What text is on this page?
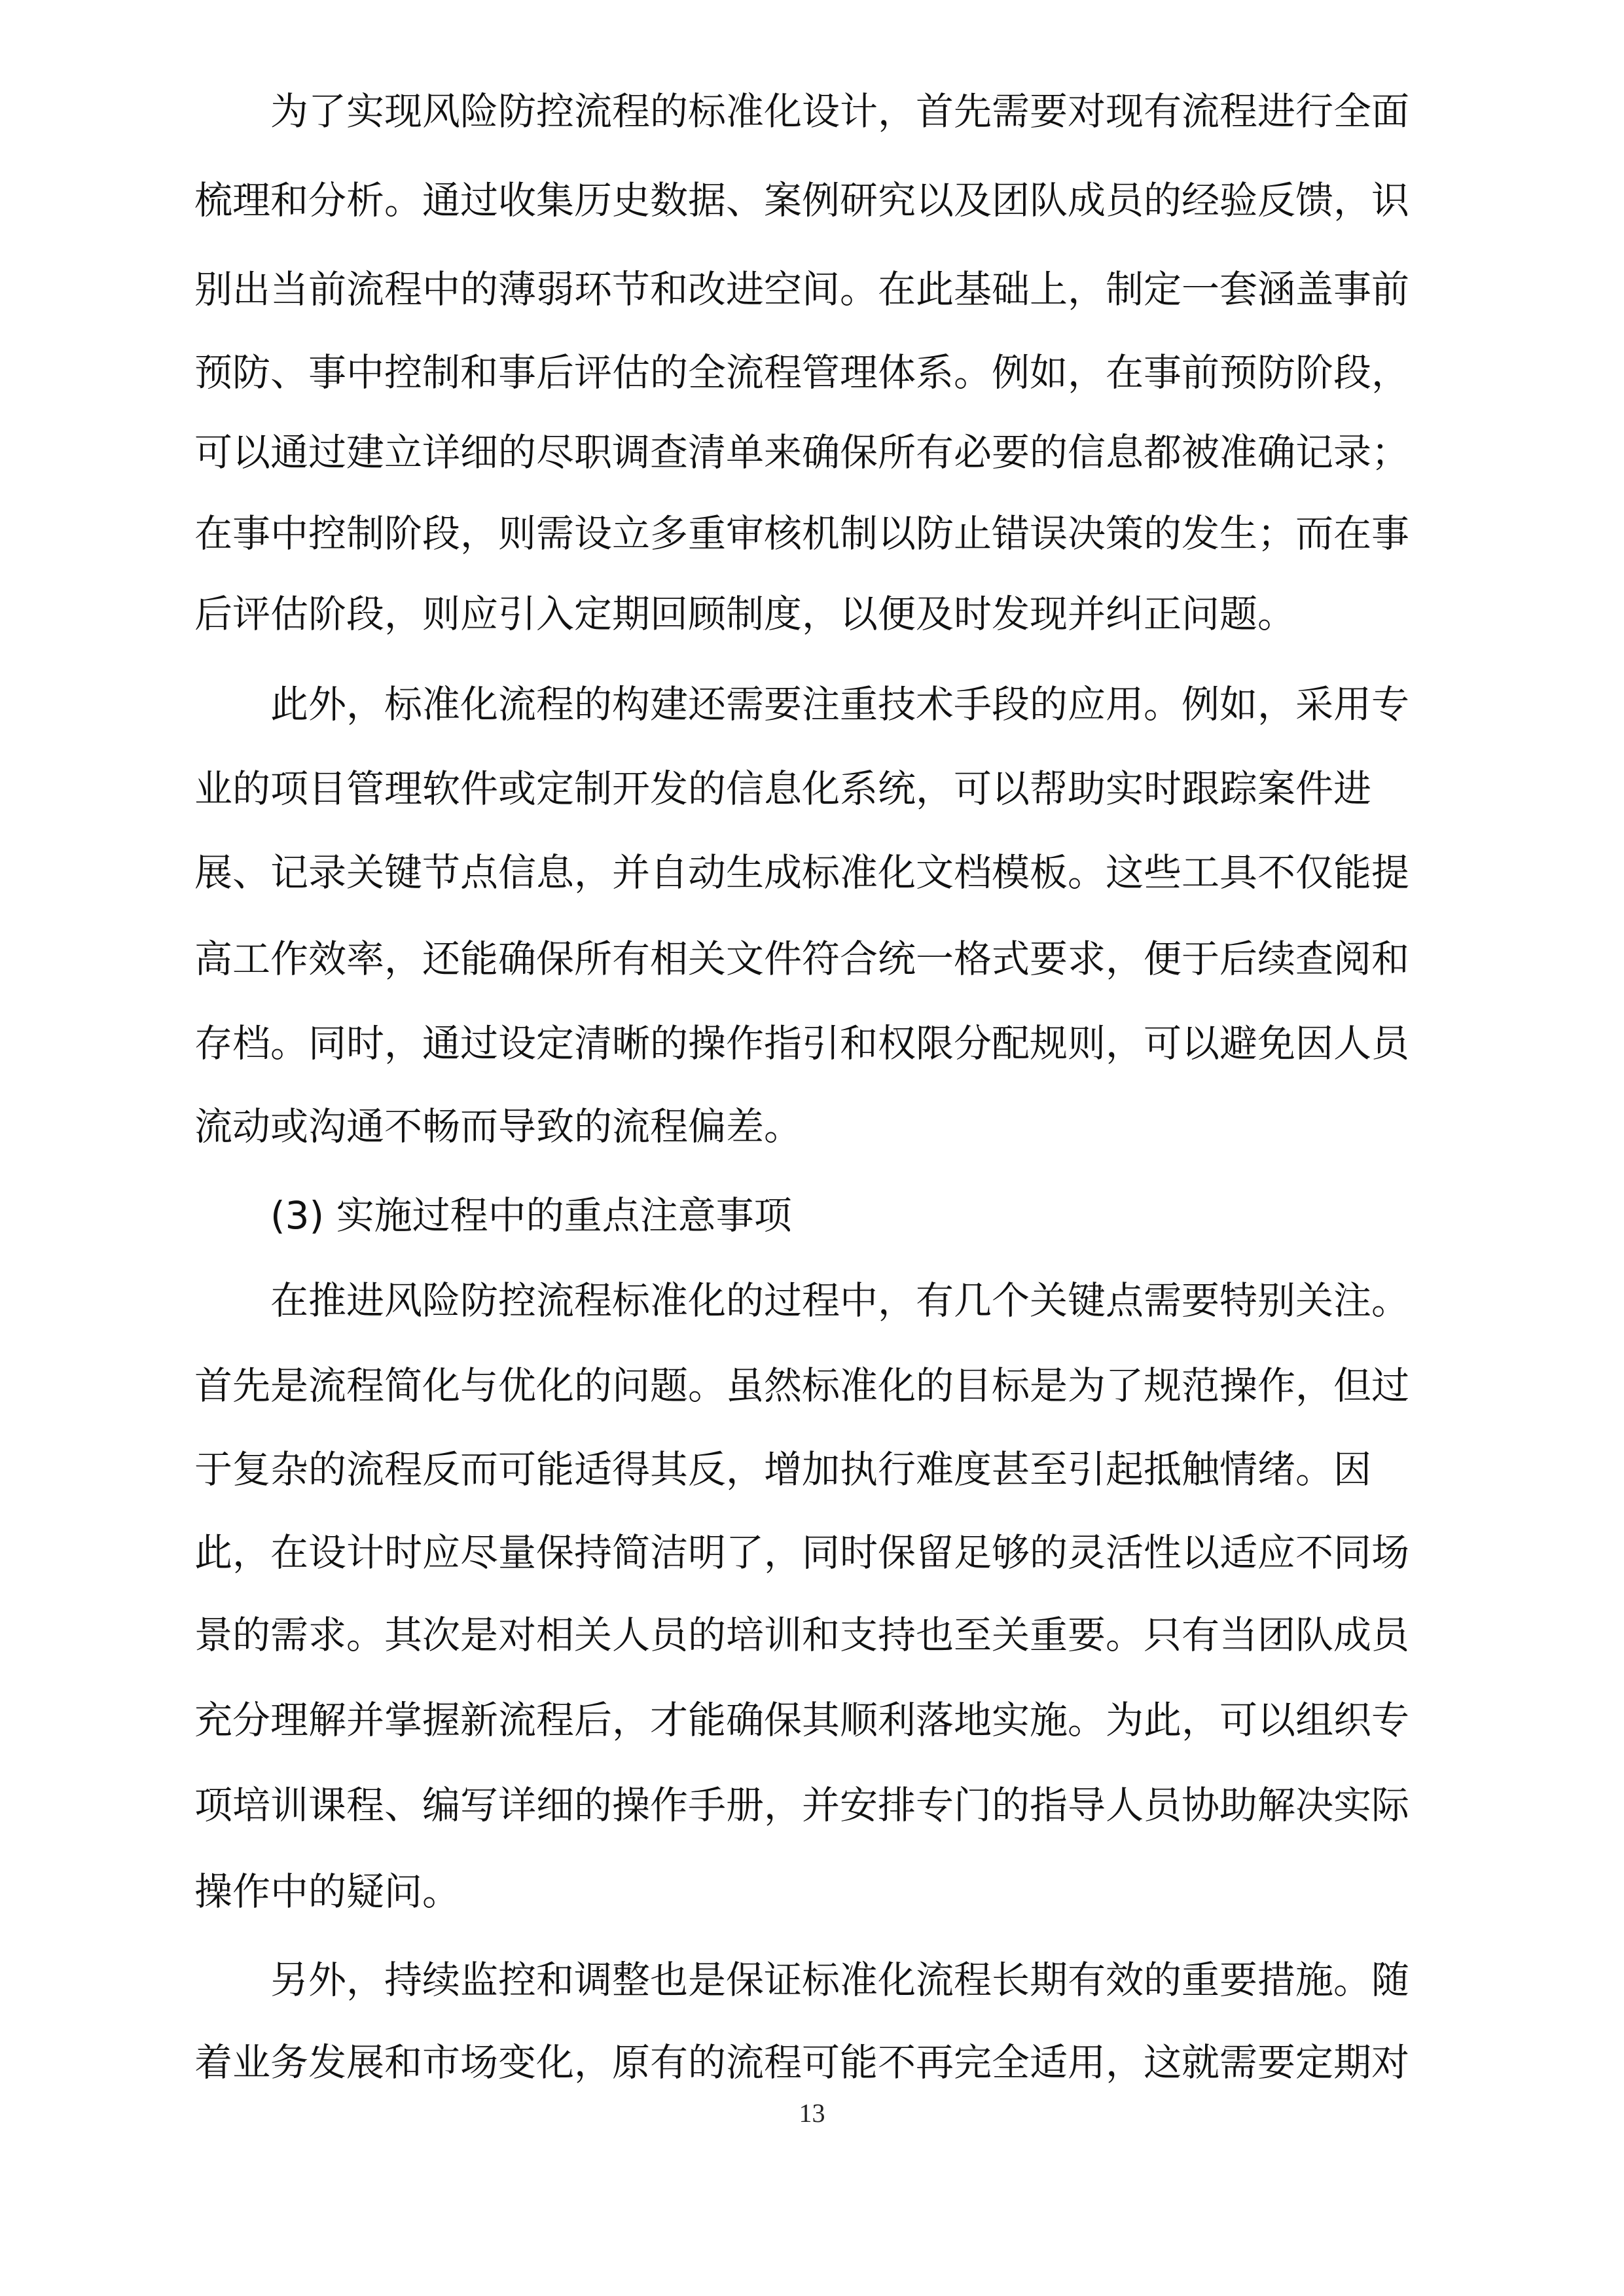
为了实现风险防控流程的标准化设计，首先需要对现有流程进行全面
梳理和分析。通过收集历史数据、案例研究以及团队成员的经验反馈，识
别出当前流程中的薄弱环节和改进空间。在此基础上，制定一套涵盖事前
预防、事中控制和事后评估的全流程管理体系。例如，在事前预防阶段，
可以通过建立详细的尽职调查清单来确保所有必要的信息都被准确记录；
在事中控制阶段，则需设立多重审核机制以防止错误决策的发生；而在事
后评估阶段，则应引入定期回顾制度，以便及时发现并纠正问题。
此外，标准化流程的构建还需要注重技术手段的应用。例如，采用专
业的项目管理软件或定制开发的信息化系统，可以帮助实时跟踪案件进
展、记录关键节点信息，并自动生成标准化文档模板。这些工具不仅能提
高工作效率，还能确保所有相关文件符合统一格式要求，便于后续查阅和
存档。同时，通过设定清晰的操作指引和权限分配规则，可以避免因人员
流动或沟通不畅而导致的流程偏差。
(3) 实施过程中的重点注意事项
在推进风险防控流程标准化的过程中，有几个关键点需要特别关注。
首先是流程简化与优化的问题。虽然标准化的目标是为了规范操作，但过
于复杂的流程反而可能适得其反，增加执行难度甚至引起抵触情绪。因
此，在设计时应尽量保持简洁明了，同时保留足够的灵活性以适应不同场
景的需求。其次是对相关人员的培训和支持也至关重要。只有当团队成员
充分理解并掌握新流程后，才能确保其顺利落地实施。为此，可以组织专
项培训课程、编写详细的操作手册，并安排专门的指导人员协助解决实际
操作中的疑问。
另外，持续监控和调整也是保证标准化流程长期有效的重要措施。随
着业务发展和市场变化，原有的流程可能不再完全适用，这就需要定期对
13
